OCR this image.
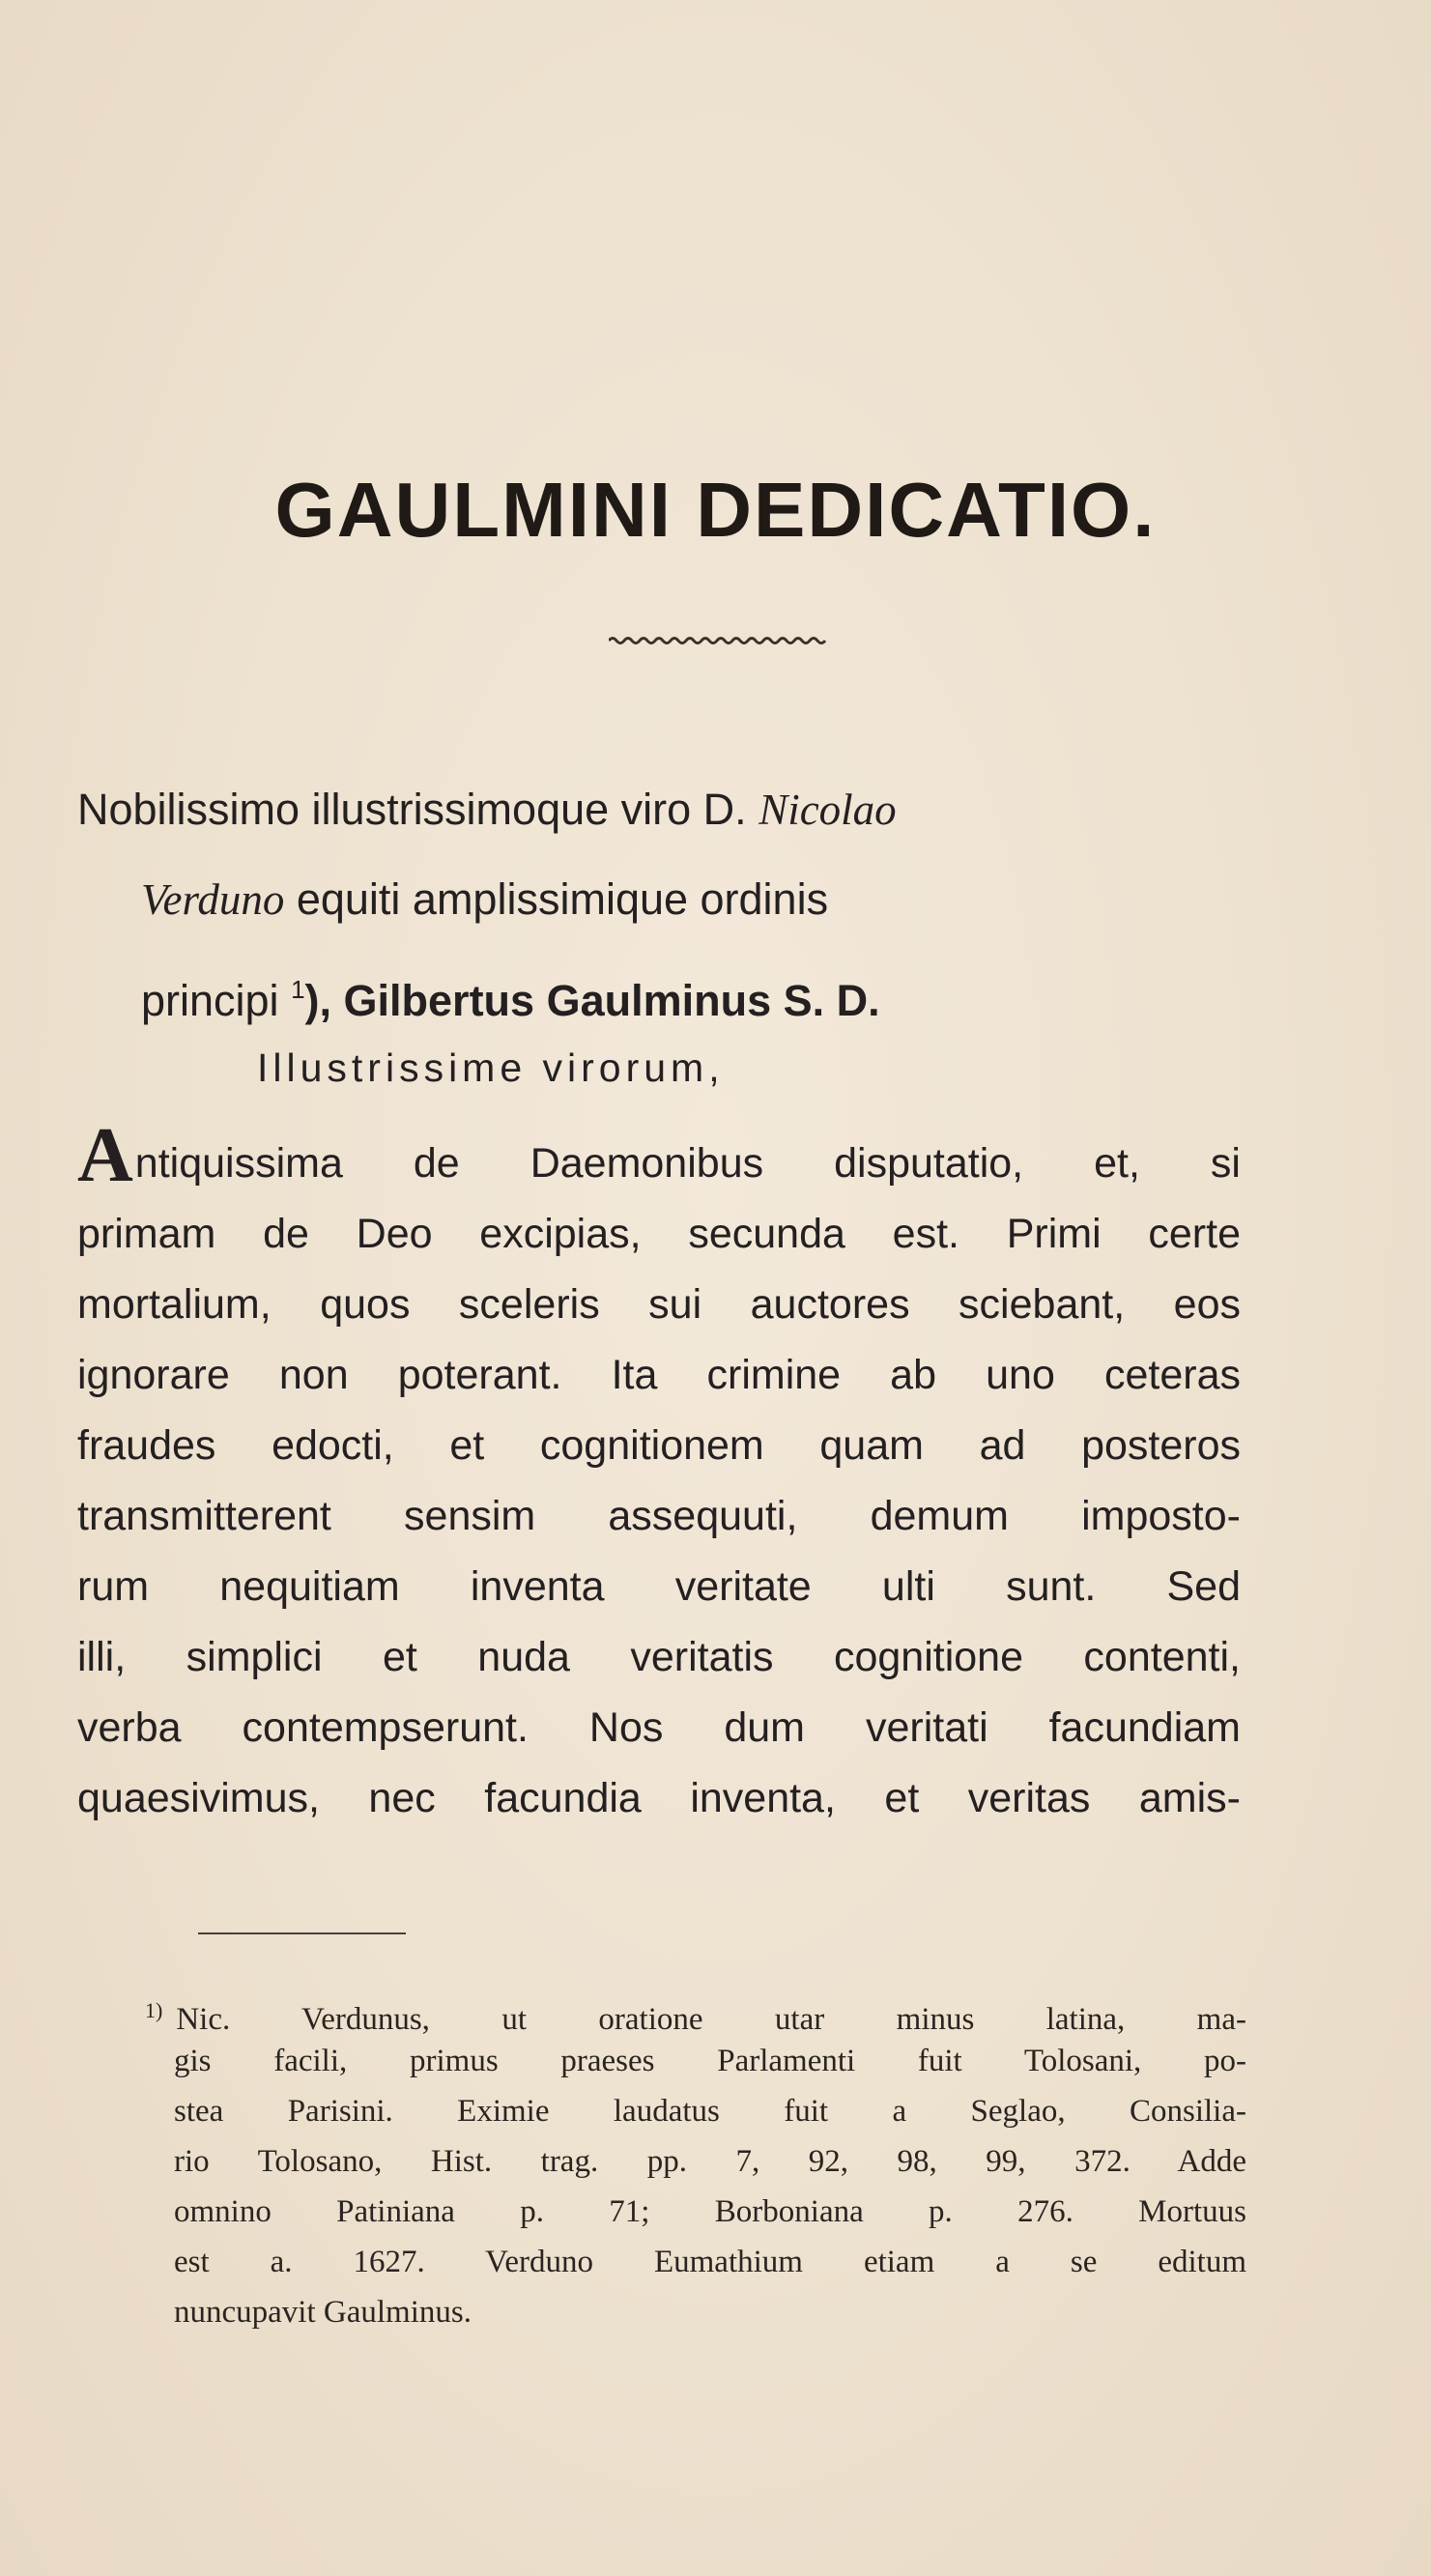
GAULMINI DEDICATIO.
Nobilissimo illustrissimoque viro D. Nicolao
Verduno equiti amplissimique ordinis
principi $^1$), Gilbertus Gaulminus S. D.
Illustrissime virorum,
Antiquissima de Daemonibus disputatio, et, si
primam de Deo excipias, secunda est. Primi certe
mortalium, quos sceleris sui auctores sciebant, eos
ignorare non poterant. Ita crimine ab uno ceteras
fraudes edocti, et cognitionem quam ad posteros
transmitterent sensim assequuti, demum imposto-
rum nequitiam inventa veritate ulti sunt. Sed
illi, simplici et nuda veritatis cognitione contenti,
verba contempserunt. Nos dum veritati facundiam
quaesivimus, nec facundia inventa, et veritas amis-
$^{1)}$ Nic. Verdunus, ut oratione utar minus latina, ma-
gis facili, primus praeses Parlamenti fuit Tolosani, po-
stea Parisini. Eximie laudatus fuit a Seglao, Consilia-
rio Tolosano, Hist. trag. pp. 7, 92, 98, 99, 372. Adde
omnino Patiniana p. 71; Borboniana p. 276. Mortuus
est a. 1627. Verduno Eumathium etiam a se editum
nuncupavit Gaulminus.
